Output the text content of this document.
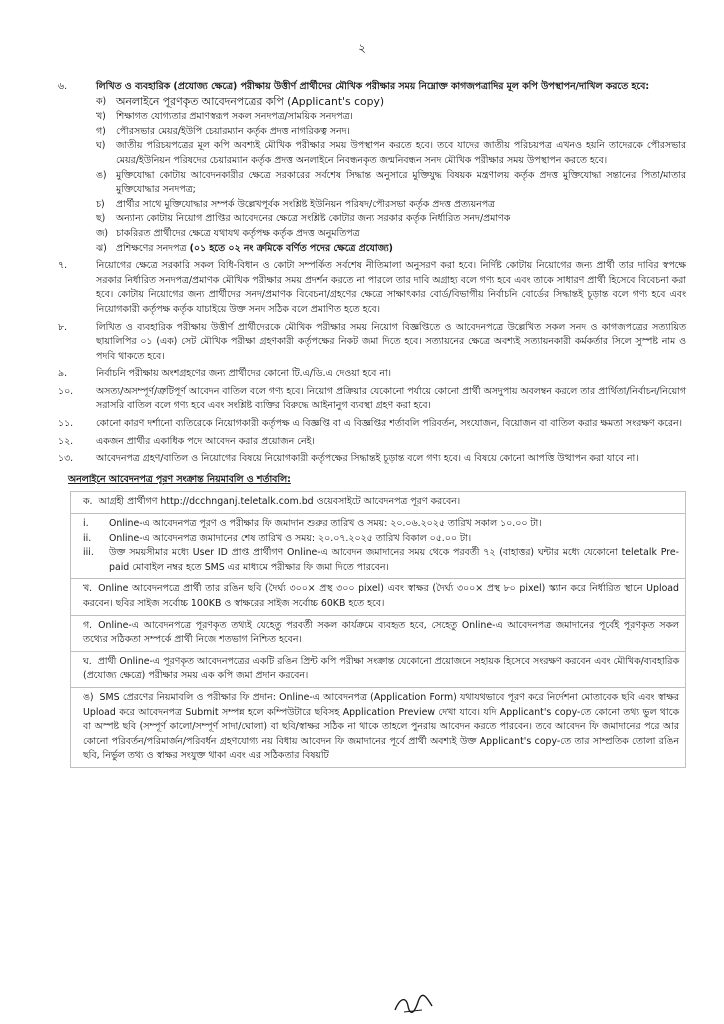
২
৬.	লিখিত ও ব্যবহারিক (প্রযোজ্য ক্ষেত্রে) পরীক্ষায় উত্তীর্ণ প্রার্থীদের মৌখিক পরীক্ষার সময় নিম্নোক্ত কাগজপত্রাদির মূল কপি উপস্থাপন/দাখিল করতে হবে:
ক) অনলাইনে পূরণকৃত আবেদনপত্রের কপি (Applicant's copy)
খ) শিক্ষাগত যোগ্যতার প্রমাণস্বরূপ সকল সনদপত্র/সাময়িক সনদপত্র।
গ) পৌরসভার মেয়র/ইউপি চেয়ারম্যান কর্তৃক প্রদত্ত নাগরিকত্ব সনদ।
ঘ) জাতীয় পরিচয়পত্রের মূল কপি অবশ্যই মৌখিক পরীক্ষার সময় উপস্থাপন করতে হবে। তবে যাদের জাতীয় পরিচয়পত্র এখনও হয়নি তাদেরকে পৌরসভার মেয়র/ইউনিয়ন পরিষদের চেয়ারম্যান কর্তৃক প্রদত্ত অনলাইনে নিবন্ধনকৃত জন্মনিবন্ধন সনদ মৌখিক পরীক্ষার সময় উপস্থাপন করতে হবে।
ঙ) মুক্তিযোদ্ধা কোটায় আবেদনকারীর ক্ষেত্রে সরকারের সর্বশেষ সিদ্ধান্ত অনুসারে মুক্তিযুদ্ধ বিষয়ক মন্ত্রণালয় কর্তৃক প্রদত্ত মুক্তিযোদ্ধা সন্তানের পিতা/মাতার মুক্তিযোদ্ধার সনদপত্র;
চ) প্রার্থীর সাথে মুক্তিযোদ্ধার সম্পর্ক উল্লেখপূর্বক সংশ্লিষ্ট ইউনিয়ন পরিষদ/পৌরসভা কর্তৃক প্রদত্ত প্রত্যয়নপত্র
ছ) অন্যান্য কোটায় নিয়োগ প্রাপ্তির আবেদনের ক্ষেত্রে সংশ্লিষ্ট কোটার জন্য সরকার কর্তৃক নির্ধারিত সনদ/প্রমাণক
জ) চাকরিরত প্রার্থীদের ক্ষেত্রে যথাযথ কর্তৃপক্ষ কর্তৃক প্রদত্ত অনুমতিপত্র
ঝ) প্রশিক্ষণের সনদপত্র (০১ হতে ০২ নং ক্রমিকে বর্ণিত পদের ক্ষেত্রে প্রযোজ্য)
৭.	নিয়োগের ক্ষেত্রে সরকারি সকল বিধি-বিধান ও কোটা সম্পর্কিত সর্বশেষ নীতিমালা অনুসরণ করা হবে। নির্দিষ্ট কোটায় নিয়োগের জন্য প্রার্থী তার দাবির স্বপক্ষে সরকার নির্ধারিত সনদপত্র/প্রমাণক মৌখিক পরীক্ষার সময় প্রদর্শন করতে না পারলে তার দাবি অগ্রাহ্য বলে গণ্য হবে এবং তাকে সাধারণ প্রার্থী হিসেবে বিবেচনা করা হবে। কোটায় নিয়োগের জন্য প্রার্থীদের সনদ/প্রমাণক বিবেচনা/গ্রহণের ক্ষেত্রে সাক্ষাৎকার বোর্ড/বিভাগীয় নির্বাচনি বোর্ডের সিদ্ধান্তই চূড়ান্ত বলে গণ্য হবে এবং নিয়োগকারী কর্তৃপক্ষ কর্তৃক যাচাইয়ে উক্ত সনদ সঠিক বলে প্রমাণিত হতে হবে।
৮.	লিখিত ও ব্যবহারিক পরীক্ষায় উত্তীর্ণ প্রার্থীদেরকে মৌখিক পরীক্ষার সময় নিয়োগ বিজ্ঞপ্তিতে ও আবেদনপত্রে উল্লেখিত সকল সনদ ও কাগজপত্রের সত্যায়িত ছায়ালিপির ০১ (এক) সেট মৌখিক পরীক্ষা গ্রহণকারী কর্তৃপক্ষের নিকট জমা দিতে হবে। সত্যায়নের ক্ষেত্রে অবশ্যই সত্যায়নকারী কর্মকর্তার সিলে সুস্পষ্ট নাম ও পদবি থাকতে হবে।
৯.	নির্বাচনি পরীক্ষায় অংশগ্রহণের জন্য প্রার্থীদের কোনো টি.এ/ডি.এ দেওয়া হবে না।
১০. অসত্য/অসম্পূর্ণ/ত্রুটিপূর্ণ আবেদন বাতিল বলে গণ্য হবে। নিয়োগ প্রক্রিয়ার যেকোনো পর্যায়ে কোনো প্রার্থী অসদুপায় অবলম্বন করলে তার প্রার্থিতা/নির্বাচন/নিয়োগ সরাসরি বাতিল বলে গণ্য হবে এবং সংশ্লিষ্ট ব্যক্তির বিরুদ্ধে আইনানুগ ব্যবস্থা গ্রহণ করা হবে।
১১. কোনো কারণ দর্শানো ব্যতিরেকে নিয়োগকারী কর্তৃপক্ষ এ বিজ্ঞপ্তি বা এ বিজ্ঞপ্তির শর্তাবলি পরিবর্তন, সংযোজন, বিয়োজন বা বাতিল করার ক্ষমতা সংরক্ষণ করেন।
১২. একজন প্রার্থীর একাধিক পদে আবেদন করার প্রয়োজন নেই।
১৩. আবেদনপত্র গ্রহণ/বাতিল ও নিয়োগের বিষয়ে নিয়োগকারী কর্তৃপক্ষের সিদ্ধান্তই চূড়ান্ত বলে গণ্য হবে। এ বিষয়ে কোনো আপত্তি উত্থাপন করা যাবে না।
অনলাইনে আবেদনপত্র পূরণ সংক্রান্ত নিয়মাবলি ও শর্তাবলি:
ক. আগ্রহী প্রার্থীগণ http://dcchnganj.teletalk.com.bd ওয়েবসাইটে আবেদনপত্র পূরণ করবেন।
i. Online-এ আবেদনপত্র পূরণ ও পরীক্ষার ফি জমাদান শুরুর তারিখ ও সময়: ২০.০৬.২০২৫ তারিখ সকাল ১০.০০ টা।
ii. Online-এ আবেদনপত্র জমাদানের শেষ তারিখ ও সময়: ২০.০৭.২০২৫ তারিখ বিকাল ০৫.০০ টা।
iii. উক্ত সময়সীমার মধ্যে User ID প্রাপ্ত প্রার্থীগণ Online-এ আবেদন জমাদানের সময় থেকে পরবর্তী ৭২ (বাহাত্তর) ঘন্টার মধ্যে যেকোনো teletalk Pre-paid মোবাইল নম্বর হতে SMS এর মাধ্যমে পরীক্ষার ফি জমা দিতে পারবেন।
খ. Online আবেদনপত্রে প্রার্থী তার রঙিন ছবি (দৈর্ঘ্য ৩০০× প্রস্থ ৩০০ pixel) এবং স্বাক্ষর (দৈর্ঘ্য ৩০০× প্রস্থ ৮০ pixel) স্ক্যান করে নির্ধারিত স্থানে Upload করবেন। ছবির সাইজ সর্বোচ্চ 100KB ও স্বাক্ষরের সাইজ সর্বোচ্চ 60KB হতে হবে।
গ. Online-এ আবেদনপত্রে পূরণকৃত তথ্যই যেহেতু পরবর্তী সকল কার্যক্রমে ব্যবহৃত হবে, সেহেতু Online-এ আবেদনপত্র জমাদানের পূর্বেই পূরণকৃত সকল তথ্যের সঠিকতা সম্পর্কে প্রার্থী নিজে শতভাগ নিশ্চিত হবেন।
ঘ. প্রার্থী Online-এ পূরণকৃত আবেদনপত্রের একটি রঙিন প্রিন্ট কপি পরীক্ষা সংক্রান্ত যেকোনো প্রয়োজনে সহায়ক হিসেবে সংরক্ষণ করবেন এবং মৌখিক/ব্যবহারিক (প্রযোজ্য ক্ষেত্রে) পরীক্ষার সময় এক কপি জমা প্রদান করবেন।
ঙ) SMS প্রেরণের নিয়মাবলি ও পরীক্ষার ফি প্রদান: Online-এ আবেদনপত্র (Application Form) যথাযথভাবে পূরণ করে নির্দেশনা মোতাবেক ছবি এবং স্বাক্ষর Upload করে আবেদনপত্র Submit সম্পন্ন হলে কম্পিউটারে ছবিসহ Application Preview দেখা যাবে। যদি Applicant's copy-তে কোনো তথ্য ভুল থাকে বা অস্পষ্ট ছবি (সম্পূর্ণ কালো/সম্পূর্ণ সাদা/ঘোলা) বা ছবি/স্বাক্ষর সঠিক না থাকে তাহলে পুনরায় আবেদন করতে পারবেন। তবে আবেদন ফি জমাদানের পরে আর কোনো পরিবর্তন/পরিমার্জন/পরিবর্ধন গ্রহণযোগ্য নয় বিধায় আবেদন ফি জমাদানের পূর্বে প্রার্থী অবশ্যই উক্ত Applicant's copy-তে তার সাম্প্রতিক তোলা রঙিন ছবি, নির্ভুল তথ্য ও স্বাক্ষর সংযুক্ত থাকা এবং এর সঠিকতার বিষয়টি
